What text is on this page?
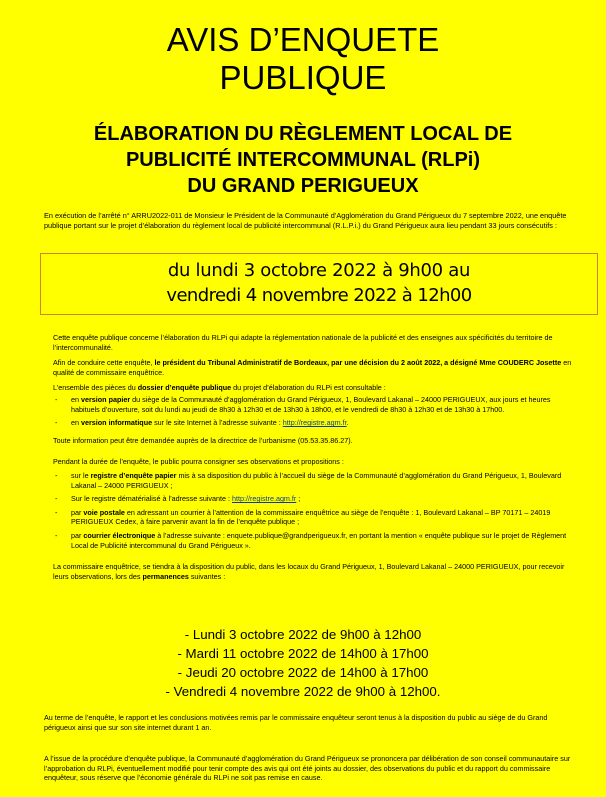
AVIS D’ENQUETE
PUBLIQUE
ÉLABORATION DU RÈGLEMENT LOCAL DE
PUBLICITÉ INTERCOMMUNAL (RLPi)
DU GRAND PERIGUEUX

En exécution de l’arrêté n° ARRU2022-011 de Monsieur le Président de la Communauté d’Agglomération du Grand Périgueux du 7 septembre 2022, une enquête publique portant sur le projet d’élaboration du règlement local de publicité intercommunal (R.L.P.i.) du Grand Périgueux aura lieu pendant 33 jours consécutifs :

du lundi 3 octobre 2022 à 9h00 au
vendredi 4 novembre 2022 à 12h00

Cette enquête publique concerne l’élaboration du RLPi qui adapte la réglementation nationale de la publicité et des enseignes aux spécificités du territoire de l’intercommunalité.

Afin de conduire cette enquête, le président du Tribunal Administratif de Bordeaux, par une décision du 2 août 2022, a désigné Mme COUDERC Josette en qualité de commissaire enquêtrice.

L’ensemble des pièces du dossier d’enquête publique du projet d’élaboration du RLPi est consultable :

- en version papier du siège de la Communauté d’agglomération du Grand Périgueux, 1, Boulevard Lakanal – 24000 PERIGUEUX, aux jours et heures habituels d’ouverture, soit du lundi au jeudi de 8h30 à 12h30 et de 13h30 à 18h00, et le vendredi de 8h30 à 12h30 et de 13h30 à 17h00.
- en version informatique sur le site Internet à l’adresse suivante : http://registre.agm.fr.

Toute information peut être demandée auprès de la directrice de l’urbanisme (05.53.35.86.27).

Pendant la durée de l’enquête, le public pourra consigner ses observations et propositions :

- sur le registre d’enquête papier mis à sa disposition du public à l’accueil du siège de la Communauté d’agglomération du Grand Périgueux, 1, Boulevard Lakanal – 24000 PERIGUEUX ;
- Sur le registre dématérialisé à l’adresse suivante : http://registre.agm.fr ;
- par voie postale en adressant un courrier à l’attention de la commissaire enquêtrice au siège de l’enquête : 1, Boulevard Lakanal – BP 70171 – 24019 PERIGUEUX Cedex, à faire parvenir avant la fin de l’enquête publique ;
- par courrier électronique à l’adresse suivante : enquete.publique@grandperigueux.fr, en portant la mention « enquête publique sur le projet de Règlement Local de Publicité intercommunal du Grand Périgueux ».

La commissaire enquêtrice, se tiendra à la disposition du public, dans les locaux du Grand Périgueux, 1, Boulevard Lakanal – 24000 PERIGUEUX, pour recevoir leurs observations, lors des permanences suivantes :

- Lundi 3 octobre 2022 de 9h00 à 12h00
- Mardi 11 octobre 2022 de 14h00 à 17h00
- Jeudi 20 octobre 2022 de 14h00 à 17h00
- Vendredi 4 novembre 2022 de 9h00 à 12h00.

Au terme de l’enquête, le rapport et les conclusions motivées remis par le commissaire enquêteur seront tenus à la disposition du public au siège de du Grand périgueux ainsi que sur son site internet durant 1 an.

A l’issue de la procédure d’enquête publique, la Communauté d’agglomération du Grand Périgueux se prononcera par délibération de son conseil communautaire sur l’approbation du RLPi, éventuellement modifié pour tenir compte des avis qui ont été joints au dossier, des observations du public et du rapport du commissaire enquêteur, sous réserve que l’économie générale du RLPi ne soit pas remise en cause.
